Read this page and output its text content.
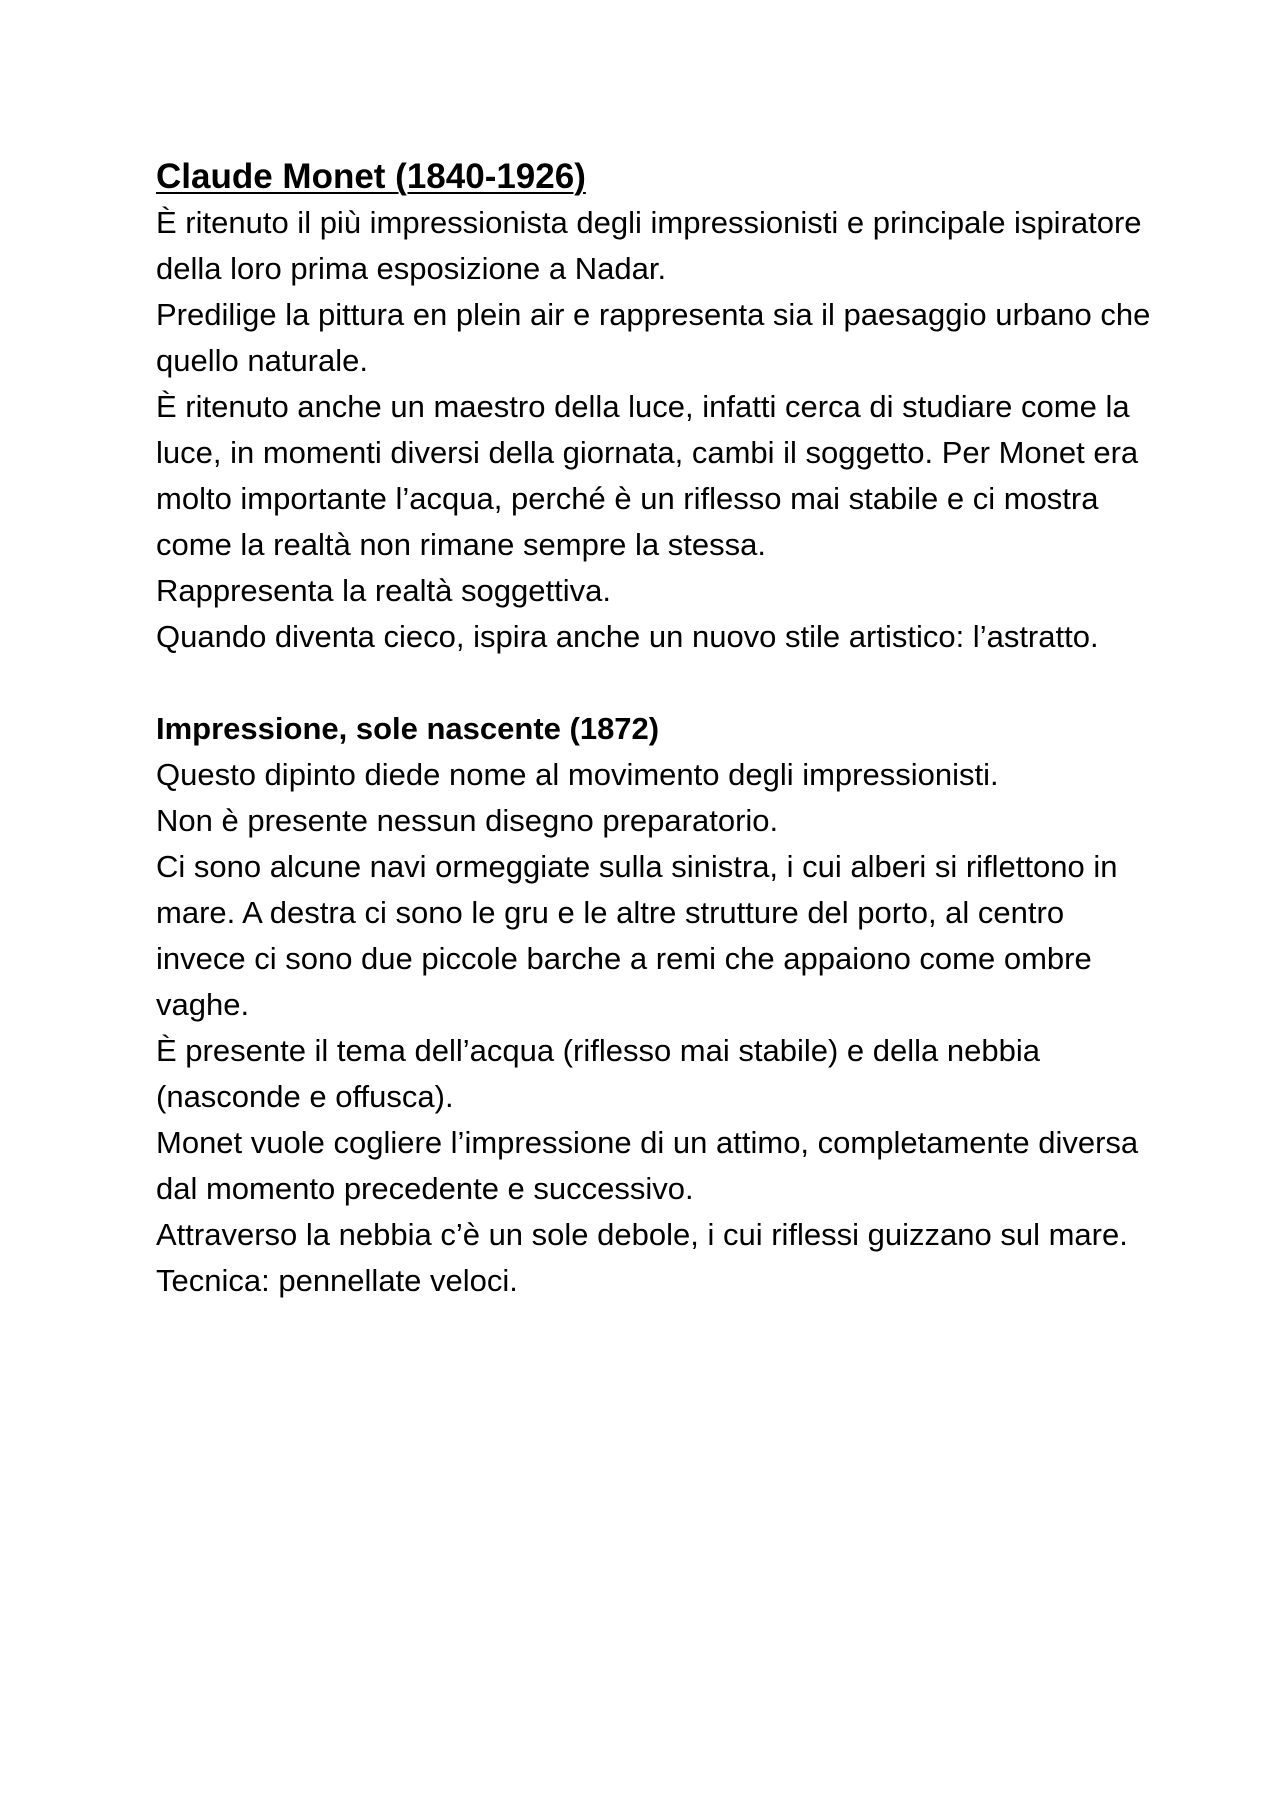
Claude Monet (1840-1926)

È ritenuto il più impressionista degli impressionisti e principale ispiratore della loro prima esposizione a Nadar.

Predilige la pittura en plein air e rappresenta sia il paesaggio urbano che quello naturale.

È ritenuto anche un maestro della luce, infatti cerca di studiare come la luce, in momenti diversi della giornata, cambi il soggetto. Per Monet era molto importante l’acqua, perché è un riflesso mai stabile e ci mostra come la realtà non rimane sempre la stessa.

Rappresenta la realtà soggettiva.

Quando diventa cieco, ispira anche un nuovo stile artistico: l’astratto.

Impressione, sole nascente (1872)

Questo dipinto diede nome al movimento degli impressionisti.

Non è presente nessun disegno preparatorio.

Ci sono alcune navi ormeggiate sulla sinistra, i cui alberi si riflettono in mare. A destra ci sono le gru e le altre strutture del porto, al centro invece ci sono due piccole barche a remi che appaiono come ombre vaghe.

È presente il tema dell’acqua (riflesso mai stabile) e della nebbia (nasconde e offusca).

Monet vuole cogliere l’impressione di un attimo, completamente diversa dal momento precedente e successivo.

Attraverso la nebbia c’è un sole debole, i cui riflessi guizzano sul mare.

Tecnica: pennellate veloci.
